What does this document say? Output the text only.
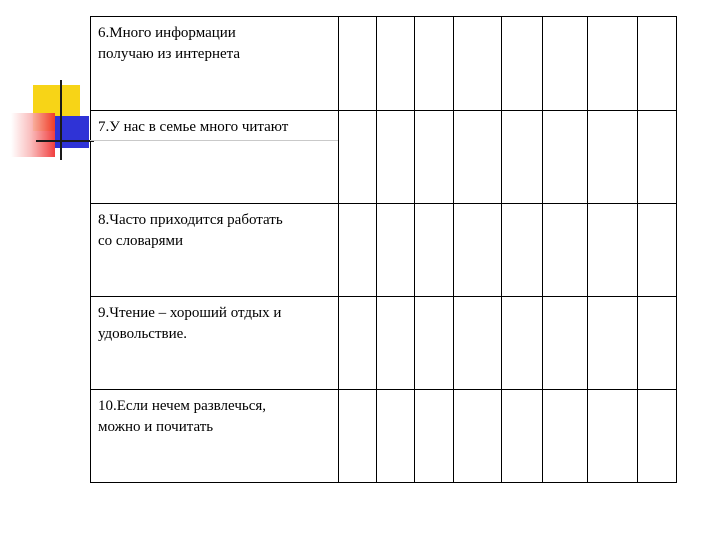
6.Много информации
получаю из интернета								

7.У нас в семье много читают								

8.Часто приходится работать
со словарями								

9.Чтение – хороший отдых и
удовольствие.								

10.Если нечем развлечься,
можно и почитать								
